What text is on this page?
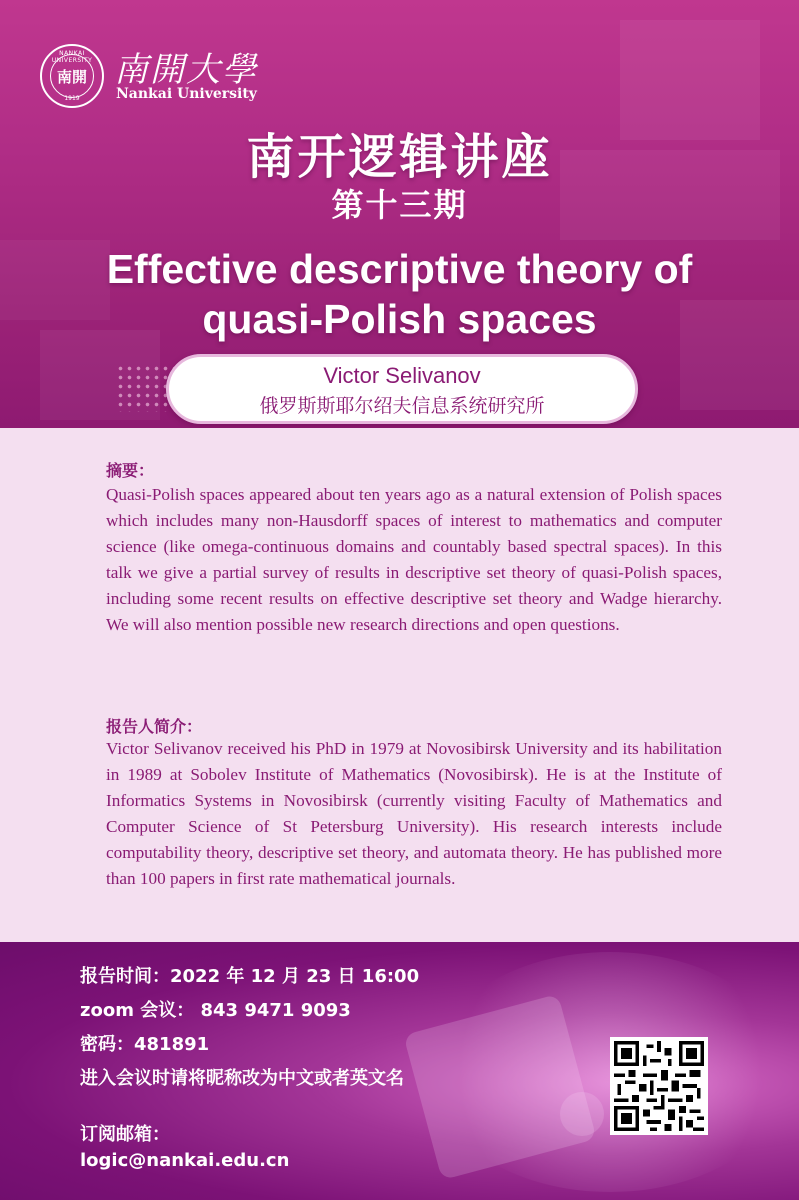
NANKAI UNIVERSITY
南開
1919
南開大學
Nankai University
南开逻辑讲座
第十三期
Effective descriptive theory of
quasi-Polish spaces
Victor Selivanov
俄罗斯斯耶尔绍夫信息系统研究所
摘要：
Quasi-Polish spaces appeared about ten years ago as a natural extension of Polish spaces which includes many non-Hausdorff spaces of interest to mathematics and computer science (like omega-continuous domains and countably based spectral spaces). In this talk we give a partial survey of results in descriptive set theory of quasi-Polish spaces, including some recent results on effective descriptive set theory and Wadge hierarchy. We will also mention possible new research directions and open questions.
报告人简介：
Victor Selivanov received his PhD in 1979 at Novosibirsk University and its habilitation in 1989 at Sobolev Institute of Mathematics (Novosibirsk). He is at the Institute of Informatics Systems in Novosibirsk (currently visiting Faculty of Mathematics and Computer Science of St Petersburg University). His research interests include computability theory, descriptive set theory, and automata theory. He has published more than 100 papers in first rate mathematical journals.
报告时间：2022 年 12 月 23 日 16:00
zoom 会议： 843 9471 9093
密码：481891
进入会议时请将昵称改为中文或者英文名
订阅邮箱：
logic@nankai.edu.cn
